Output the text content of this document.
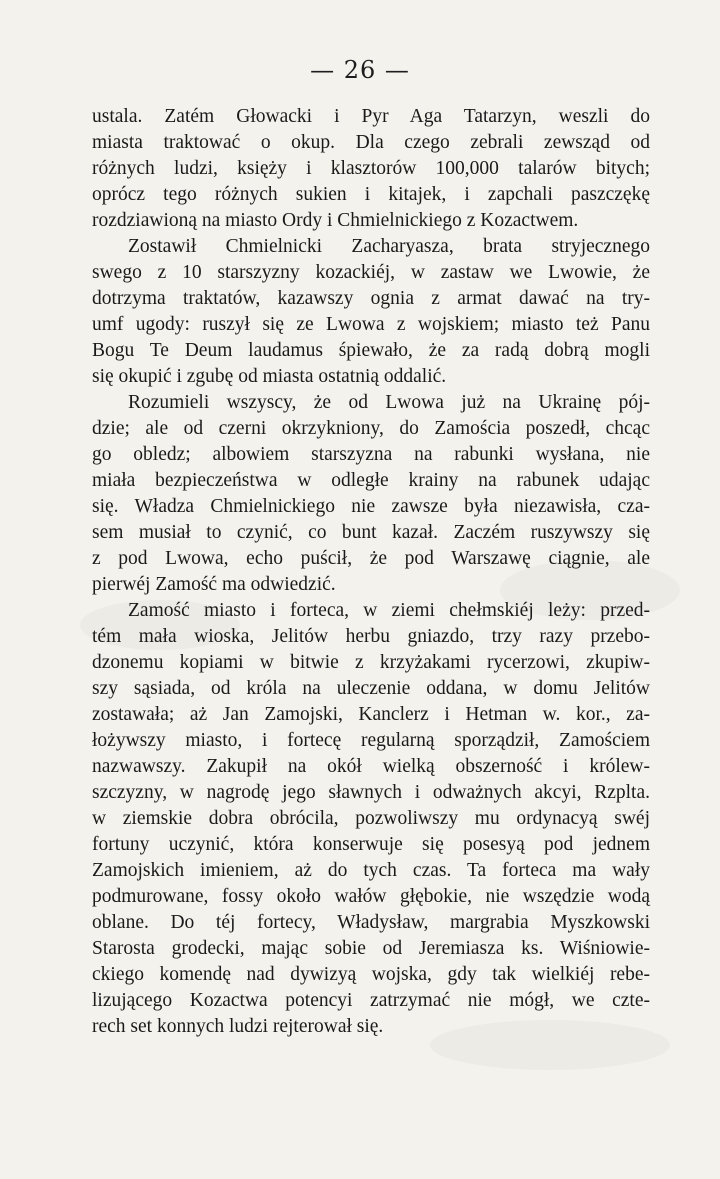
— 26 —
ustala. Zatém Głowacki i Pyr Aga Tatarzyn, weszli do
miasta traktować o okup. Dla czego zebrali zewsząd od
różnych ludzi, księży i klasztorów 100,000 talarów bitych;
oprócz tego różnych sukien i kitajek, i zapchali paszczękę
rozdziawioną na miasto Ordy i Chmielnickiego z Kozactwem.
Zostawił Chmielnicki Zacharyasza, brata stryjecznego
swego z 10 starszyzny kozackiéj, w zastaw we Lwowie, że
dotrzyma traktatów, kazawszy ognia z armat dawać na try-
umf ugody: ruszył się ze Lwowa z wojskiem; miasto też Panu
Bogu Te Deum laudamus śpiewało, że za radą dobrą mogli
się okupić i zgubę od miasta ostatnią oddalić.
Rozumieli wszyscy, że od Lwowa już na Ukrainę pój-
dzie; ale od czerni okrzykniony, do Zamościa poszedł, chcąc
go obledz; albowiem starszyzna na rabunki wysłana, nie
miała bezpieczeństwa w odległe krainy na rabunek udając
się. Władza Chmielnickiego nie zawsze była niezawisła, cza-
sem musiał to czynić, co bunt kazał. Zaczém ruszywszy się
z pod Lwowa, echo puścił, że pod Warszawę ciągnie, ale
pierwéj Zamość ma odwiedzić.
Zamość miasto i forteca, w ziemi chełmskiéj leży: przed-
tém mała wioska, Jelitów herbu gniazdo, trzy razy przebo-
dzonemu kopiami w bitwie z krzyżakami rycerzowi, zkupiw-
szy sąsiada, od króla na uleczenie oddana, w domu Jelitów
zostawała; aż Jan Zamojski, Kanclerz i Hetman w. kor., za-
łożywszy miasto, i fortecę regularną sporządził, Zamościem
nazwawszy. Zakupił na okół wielką obszerność i królew-
szczyzny, w nagrodę jego sławnych i odważnych akcyi, Rzplta.
w ziemskie dobra obrócila, pozwoliwszy mu ordynacyą swéj
fortuny uczynić, która konserwuje się posesyą pod jednem
Zamojskich imieniem, aż do tych czas. Ta forteca ma wały
podmurowane, fossy około wałów głębokie, nie wszędzie wodą
oblane. Do téj fortecy, Władysław, margrabia Myszkowski
Starosta grodecki, mając sobie od Jeremiasza ks. Wiśniowie-
ckiego komendę nad dywizyą wojska, gdy tak wielkiéj rebe-
lizującego Kozactwa potencyi zatrzymać nie mógł, we czte-
rech set konnych ludzi rejterował się.
